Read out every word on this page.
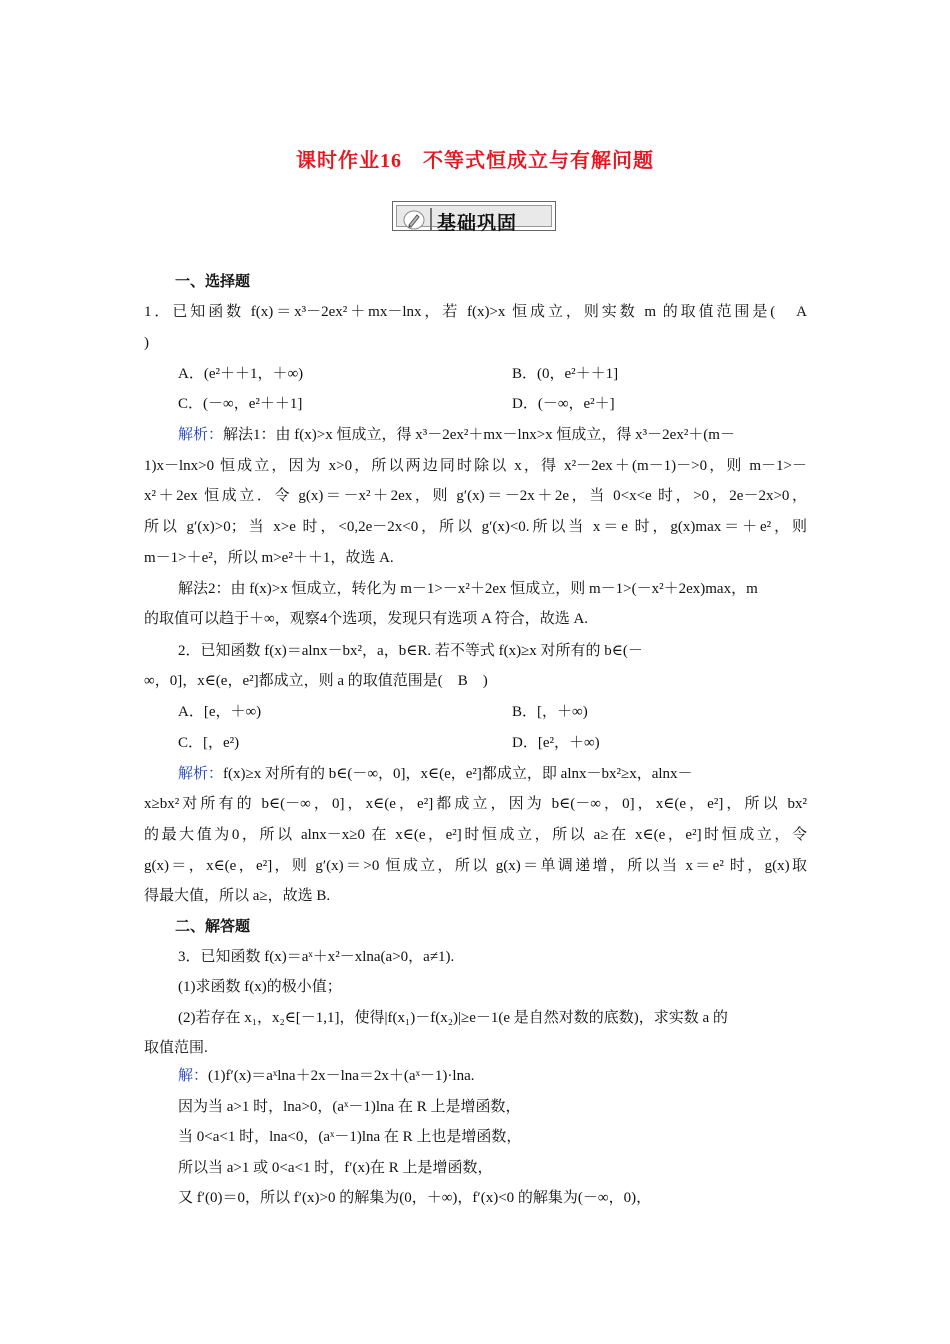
课时作业16　不等式恒成立与有解问题
基础巩固
一、选择题
1．已知函数 f(x)＝x³－2ex²＋mx－lnx，若 f(x)>x 恒成立，则实数 m 的取值范围是(　A
)
A．(e²＋＋1，＋∞)	B．(0，e²＋＋1]
C．(－∞，e²＋＋1]	D．(－∞，e²＋]
解析：解法1：由 f(x)>x 恒成立，得 x³－2ex²＋mx－lnx>x 恒成立，得 x³－2ex²＋(m－
1)x－lnx>0 恒成立，因为 x>0，所以两边同时除以 x，得 x²－2ex＋(m－1)－>0，则 m－1>－
x²＋2ex 恒成立．令 g(x)＝－x²＋2ex，则 g′(x)＝－2x＋2e，当 0<x<e 时，>0，2e－2x>0，
所以 g′(x)>0；当 x>e 时，<0,2e－2x<0，所以 g′(x)<0.所以当 x＝e 时，g(x)max＝＋e²，则
m－1>＋e²，所以 m>e²＋＋1，故选 A.
解法2：由 f(x)>x 恒成立，转化为 m－1>－x²＋2ex 恒成立，则 m－1>(－x²＋2ex)max，m
的取值可以趋于＋∞，观察4个选项，发现只有选项 A 符合，故选 A.
2．已知函数 f(x)＝alnx－bx²，a，b∈R. 若不等式 f(x)≥x 对所有的 b∈(－
∞，0]，x∈(e，e²]都成立，则 a 的取值范围是(　B　)
A．[e，＋∞)	B．[，＋∞)
C．[，e²)	D．[e²，＋∞)
解析：f(x)≥x 对所有的 b∈(－∞，0]，x∈(e，e²]都成立，即 alnx－bx²≥x，alnx－
x≥bx²对所有的 b∈(－∞，0]，x∈(e，e²]都成立，因为 b∈(－∞，0]，x∈(e，e²]，所以 bx²
的最大值为0，所以 alnx－x≥0 在 x∈(e，e²]时恒成立，所以 a≥在 x∈(e，e²]时恒成立，令
g(x)＝，x∈(e，e²]，则 g′(x)＝>0 恒成立，所以 g(x)＝单调递增，所以当 x＝e² 时，g(x)取
得最大值，所以 a≥，故选 B.
二、解答题
3．已知函数 f(x)＝aˣ＋x²－xlna(a>0，a≠1).
(1)求函数 f(x)的极小值；
(2)若存在 x₁，x₂∈[－1,1]，使得|f(x₁)－f(x₂)|≥e－1(e 是自然对数的底数)，求实数 a 的
取值范围.
解：(1)f′(x)＝aˣlna＋2x－lna＝2x＋(aˣ－1)·lna.
因为当 a>1 时，lna>0，(aˣ－1)lna 在 R 上是增函数，
当 0<a<1 时，lna<0，(aˣ－1)lna 在 R 上也是增函数，
所以当 a>1 或 0<a<1 时，f′(x)在 R 上是增函数，
又 f′(0)＝0，所以 f′(x)>0 的解集为(0，＋∞)，f′(x)<0 的解集为(－∞，0)，
